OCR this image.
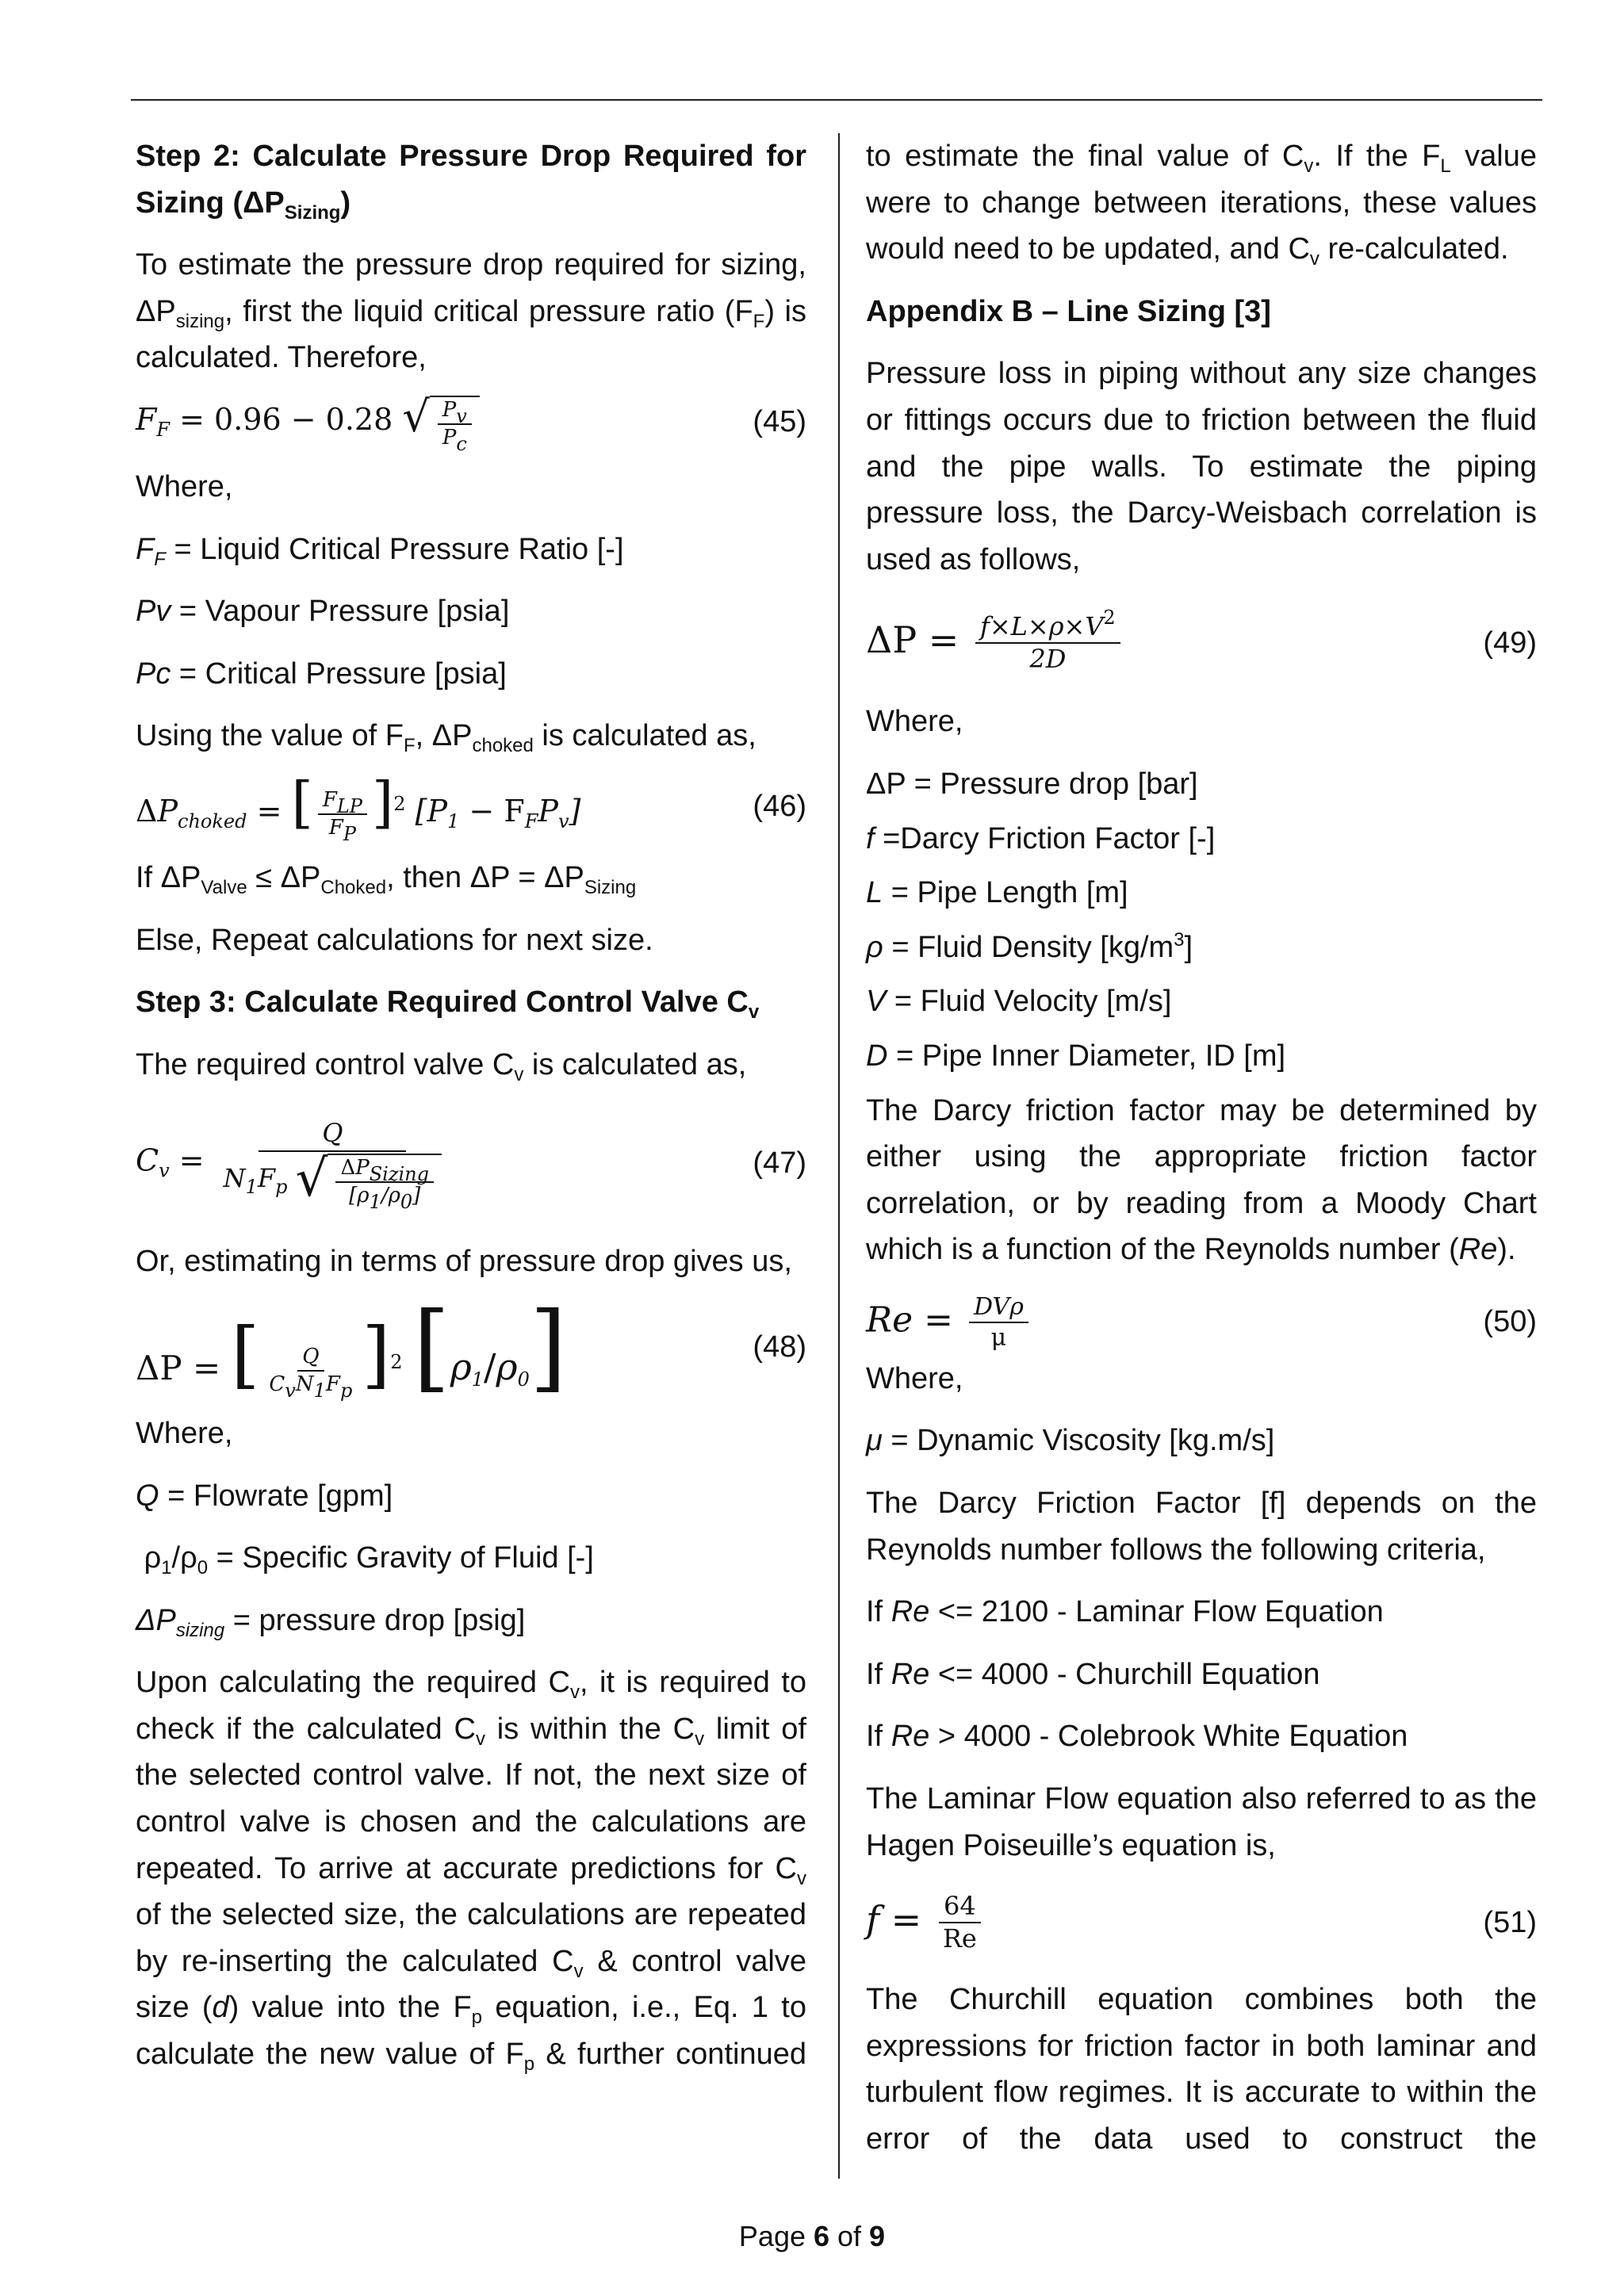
Step 2: Calculate Pressure Drop Required for Sizing $(\Delta P_{Sizing})$

To estimate the pressure drop required for sizing, $\Delta P_{sizing}$, first the liquid critical pressure ratio $(F_F)$ is calculated. Therefore,

$F_F = 0.96 - 0.28$ √ $\frac{P_v}{P_c}$	(45)

Where,

$F_F$ = Liquid Critical Pressure Ratio [-]

Pv = Vapour Pressure [psia]

Pc = Critical Pressure [psia]

Using the value of $F_F$, $\Delta P_{choked}$ is calculated as,

$\Delta P_{choked}$ = [ $\frac{F_{LP}}{F_P} ]^2$ $[P_1 - F_FP_v]$	(46)

If $\Delta P_{Valve} \le \Delta P_{Choked}$, then $\Delta P = \Delta P_{Sizing}$

Else, Repeat calculations for next size.

Step 3: Calculate Required Control Valve $C_v$

The required control valve $C_v$ is calculated as,

$C_v = \frac{Q}{N_1F_p √ \frac{\Delta P_{Sizing}}{[\rho_1/\rho_0]}}$	(47)

Or, estimating in terms of pressure drop gives us,

ΔP = [ $\frac{Q}{C_vN_1F_p} ]^2$ $[\rho_1/\rho_0]$	(48)

Where,

Q = Flowrate [gpm]

$\rho_1/\rho_0$ = Specific Gravity of Fluid [-]

$\Delta P_{sizing}$ = pressure drop [psig]

Upon calculating the required $C_v$, it is required to

check if the calculated $C_v$ is within the $C_v$ limit of

the selected control valve. If not, the next size of

control valve is chosen and the calculations are

repeated. To arrive at accurate predictions for $C_v$

of the selected size, the calculations are repeated

by re-inserting the calculated $C_v$ & control valve

size (d) value into the $F_p$ equation, i.e., Eq. 1 to

calculate the new value of $F_p$ & further continued

to estimate the final value of $C_v$. If the $F_L$ value

were to change between iterations, these values

would need to be updated, and $C_v$ re-calculated.

Appendix B – Line Sizing [3]

Pressure loss in piping without any size changes or fittings occurs due to friction between the fluid and the pipe walls. To estimate the piping pressure loss, the Darcy-Weisbach correlation is used as follows,

$\Delta P = \frac{f\times L\times\rho\times V^2}{2D}$	(49)

Where,

ΔP = Pressure drop [bar]

f =Darcy Friction Factor [-]

L = Pipe Length [m]

ρ = Fluid Density $[kg/m^3]$

V = Fluid Velocity [m/s]

D = Pipe Inner Diameter, ID [m]

The Darcy friction factor may be determined by either using the appropriate friction factor correlation, or by reading from a Moody Chart which is a function of the Reynolds number (Re).

$Re = \frac{\text{DVρ}}{\mu}$	(50)

Where,

μ = Dynamic Viscosity [kg.m/s]

The Darcy Friction Factor [f] depends on the Reynolds number follows the following criteria,

If Re <= 2100 - Laminar Flow Equation

If Re <= 4000 - Churchill Equation

If Re > 4000 - Colebrook White Equation

The Laminar Flow equation also referred to as the Hagen Poiseuille’s equation is,

$f = \frac{64}{Re}$	(51)

The Churchill equation combines both the expressions for friction factor in both laminar and turbulent flow regimes. It is accurate to within the error of the data used to construct the

Page 6 of 9
